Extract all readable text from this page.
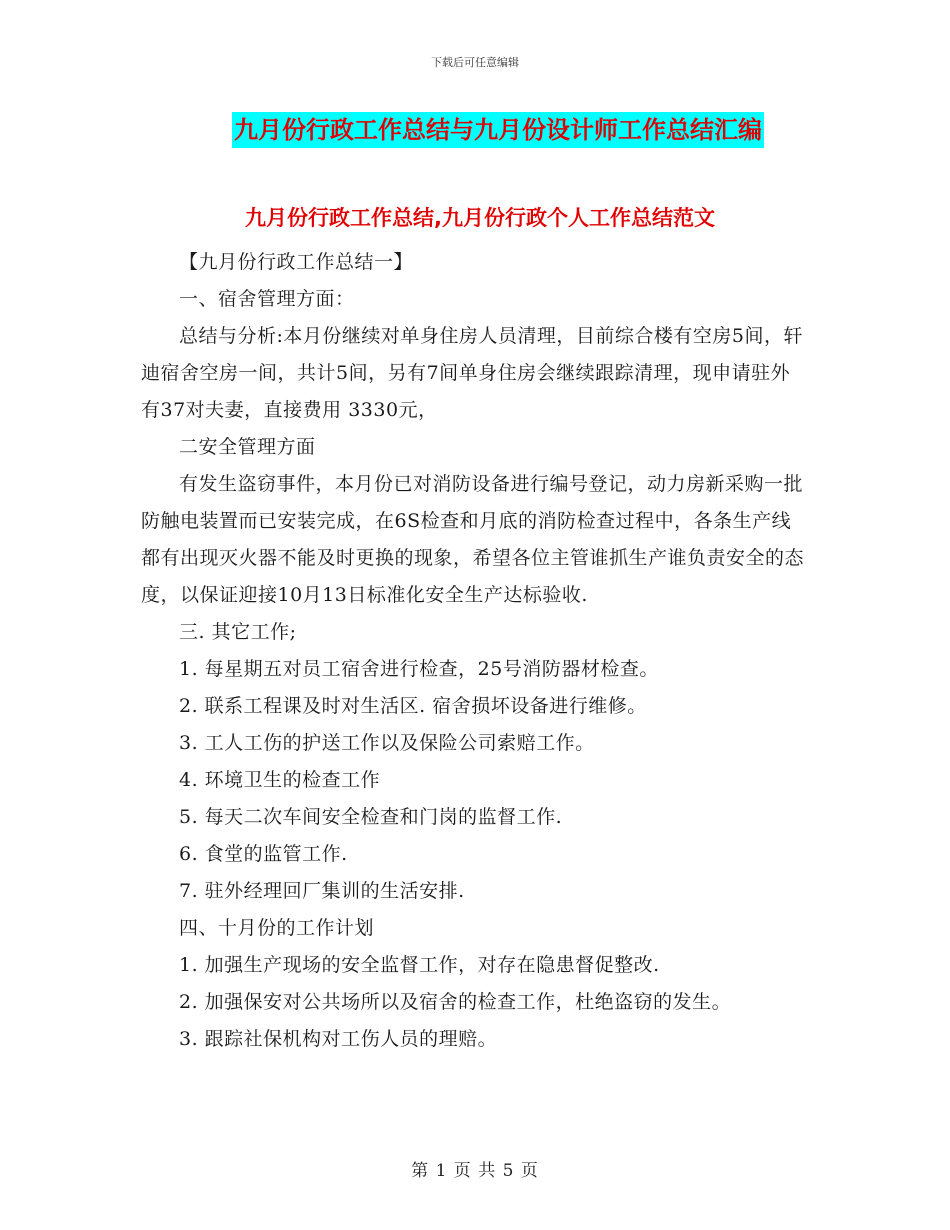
下载后可任意编辑
九月份行政工作总结与九月份设计师工作总结汇编
九月份行政工作总结,九月份行政个人工作总结范文

【九月份行政工作总结一】

一、宿舍管理方面：

总结与分析:本月份继续对单身住房人员清理，目前综合楼有空房5间，轩迪宿舍空房一间，共计5间，另有7间单身住房会继续跟踪清理，现申请驻外有37对夫妻，直接费用 3330元，

二安全管理方面

有发生盗窃事件，本月份已对消防设备进行编号登记，动力房新采购一批防触电装置而已安装完成，在6S检查和月底的消防检查过程中，各条生产线都有出现灭火器不能及时更换的现象，希望各位主管谁抓生产谁负责安全的态度，以保证迎接10月13日标准化安全生产达标验收.

三. 其它工作;

1. 每星期五对员工宿舍进行检查，25号消防器材检查。

2. 联系工程课及时对生活区. 宿舍损坏设备进行维修。

3. 工人工伤的护送工作以及保险公司索赔工作。

4. 环境卫生的检查工作

5. 每天二次车间安全检查和门岗的监督工作.

6. 食堂的监管工作.

7. 驻外经理回厂集训的生活安排.

四、十月份的工作计划

1. 加强生产现场的安全监督工作，对存在隐患督促整改.

2. 加强保安对公共场所以及宿舍的检查工作，杜绝盗窃的发生。

3. 跟踪社保机构对工伤人员的理赔。

第 1 页 共 5 页
